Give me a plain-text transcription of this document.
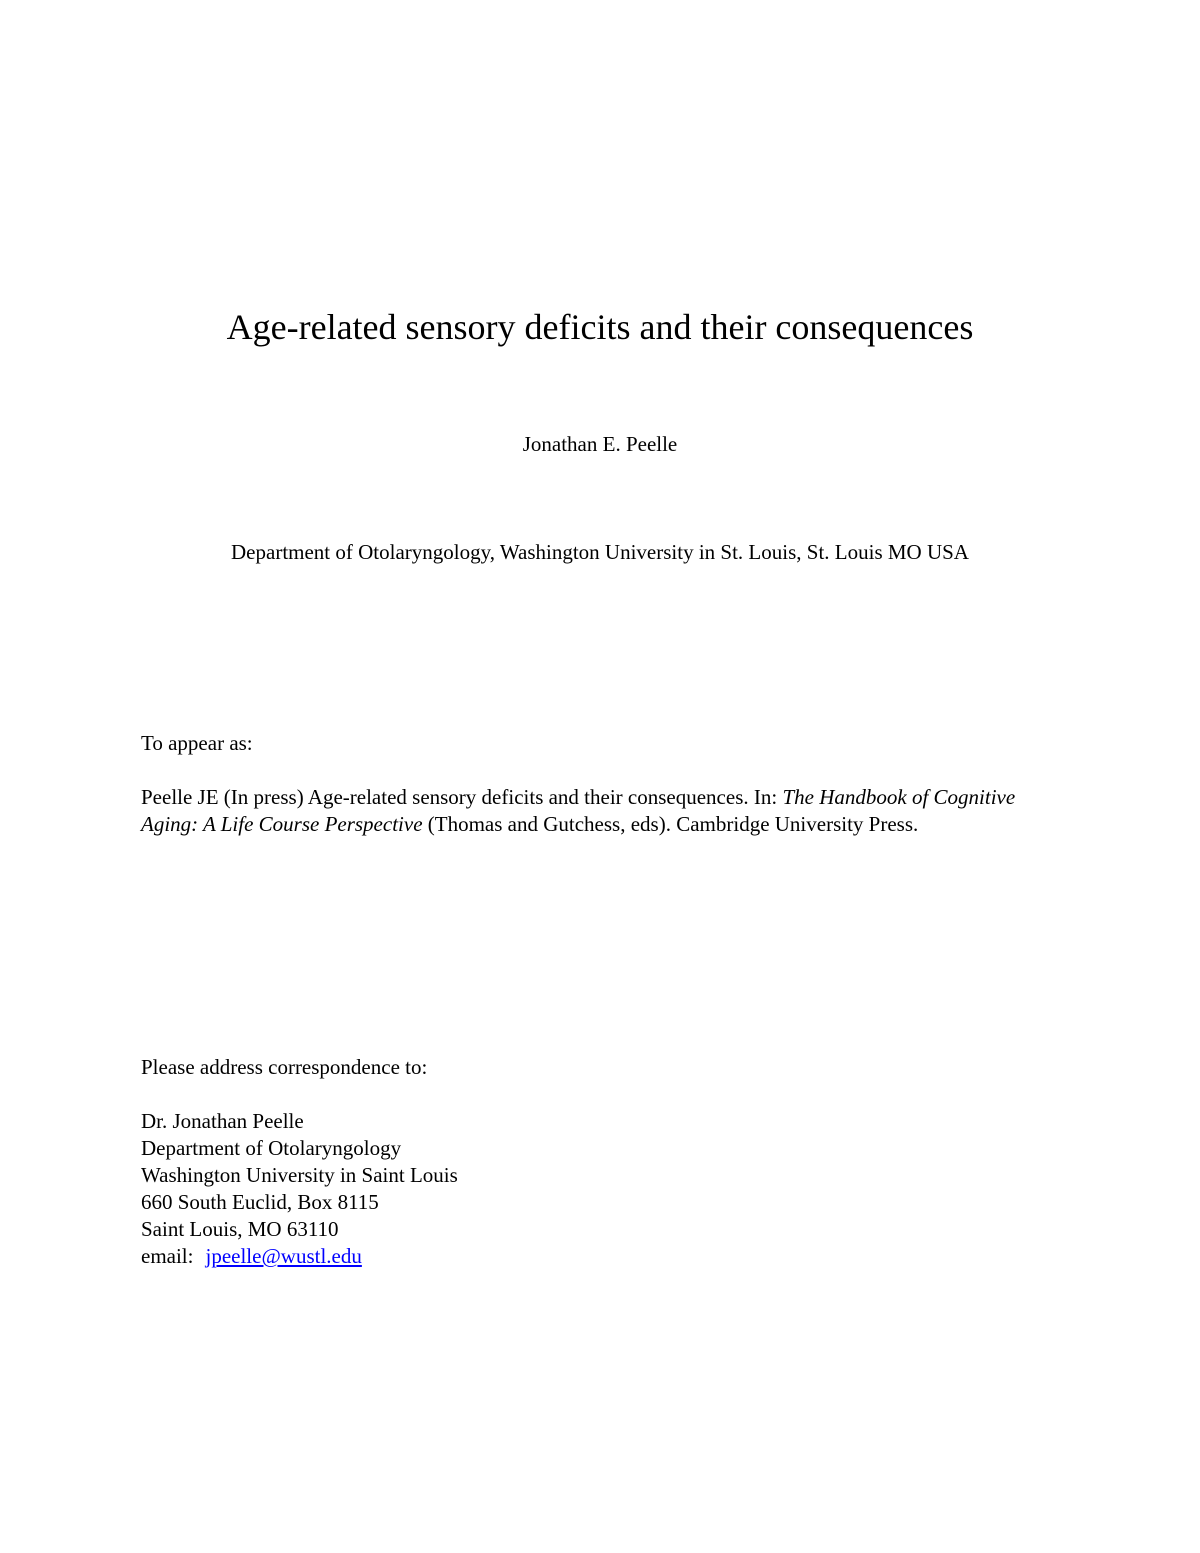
Age-related sensory deficits and their consequences
Jonathan E. Peelle
Department of Otolaryngology, Washington University in St. Louis, St. Louis MO USA
To appear as:
Peelle JE (In press) Age-related sensory deficits and their consequences. In: The Handbook of Cognitive Aging: A Life Course Perspective (Thomas and Gutchess, eds). Cambridge University Press.
Please address correspondence to:
Dr. Jonathan Peelle
Department of Otolaryngology
Washington University in Saint Louis
660 South Euclid, Box 8115
Saint Louis, MO 63110
email: jpeelle@wustl.edu
